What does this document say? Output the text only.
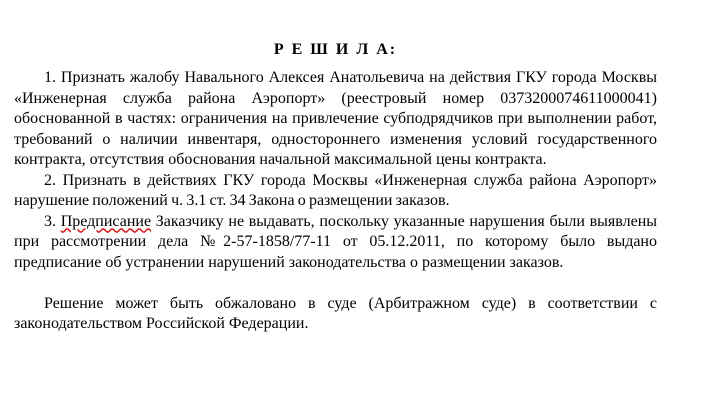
Р Е Ш И Л А:

1. Признать жалобу Навального Алексея Анатольевича на действия ГКУ города Москвы «Инженерная служба района Аэропорт» (реестровый номер 0373200074611000041) обоснованной в частях: ограничения на привлечение субподрядчиков при выполнении работ, требований о наличии инвентаря, одностороннего изменения условий государственного контракта, отсутствия обоснования начальной максимальной цены контракта.

2. Признать в действиях ГКУ города Москвы «Инженерная служба района Аэропорт» нарушение положений ч. 3.1 ст. 34 Закона о размещении заказов.

3. Предписание Заказчику не выдавать, поскольку указанные нарушения были выявлены при рассмотрении дела №2-57-1858/77-11 от 05.12.2011, по которому было выдано предписание об устранении нарушений законодательства о размещении заказов.

Решение может быть обжаловано в суде (Арбитражном суде) в соответствии с законодательством Российской Федерации.
